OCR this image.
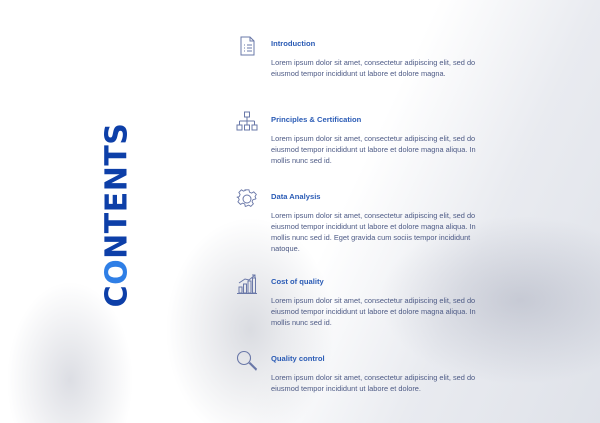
CONTENTS
Introduction
Lorem ipsum dolor sit amet, consectetur adipiscing elit, sed do eiusmod tempor incididunt ut labore et dolore magna.
Principles & Certification
Lorem ipsum dolor sit amet, consectetur adipiscing elit, sed do eiusmod tempor incididunt ut labore et dolore magna aliqua. In mollis nunc sed id.
Data Analysis
Lorem ipsum dolor sit amet, consectetur adipiscing elit, sed do eiusmod tempor incididunt ut labore et dolore magna aliqua. In mollis nunc sed id. Eget gravida cum sociis tempor incididunt natoque.
Cost of quality
Lorem ipsum dolor sit amet, consectetur adipiscing elit, sed do eiusmod tempor incididunt ut labore et dolore magna aliqua. In mollis nunc sed id.
Quality control
Lorem ipsum dolor sit amet, consectetur adipiscing elit, sed do eiusmod tempor incididunt ut labore et dolore.
